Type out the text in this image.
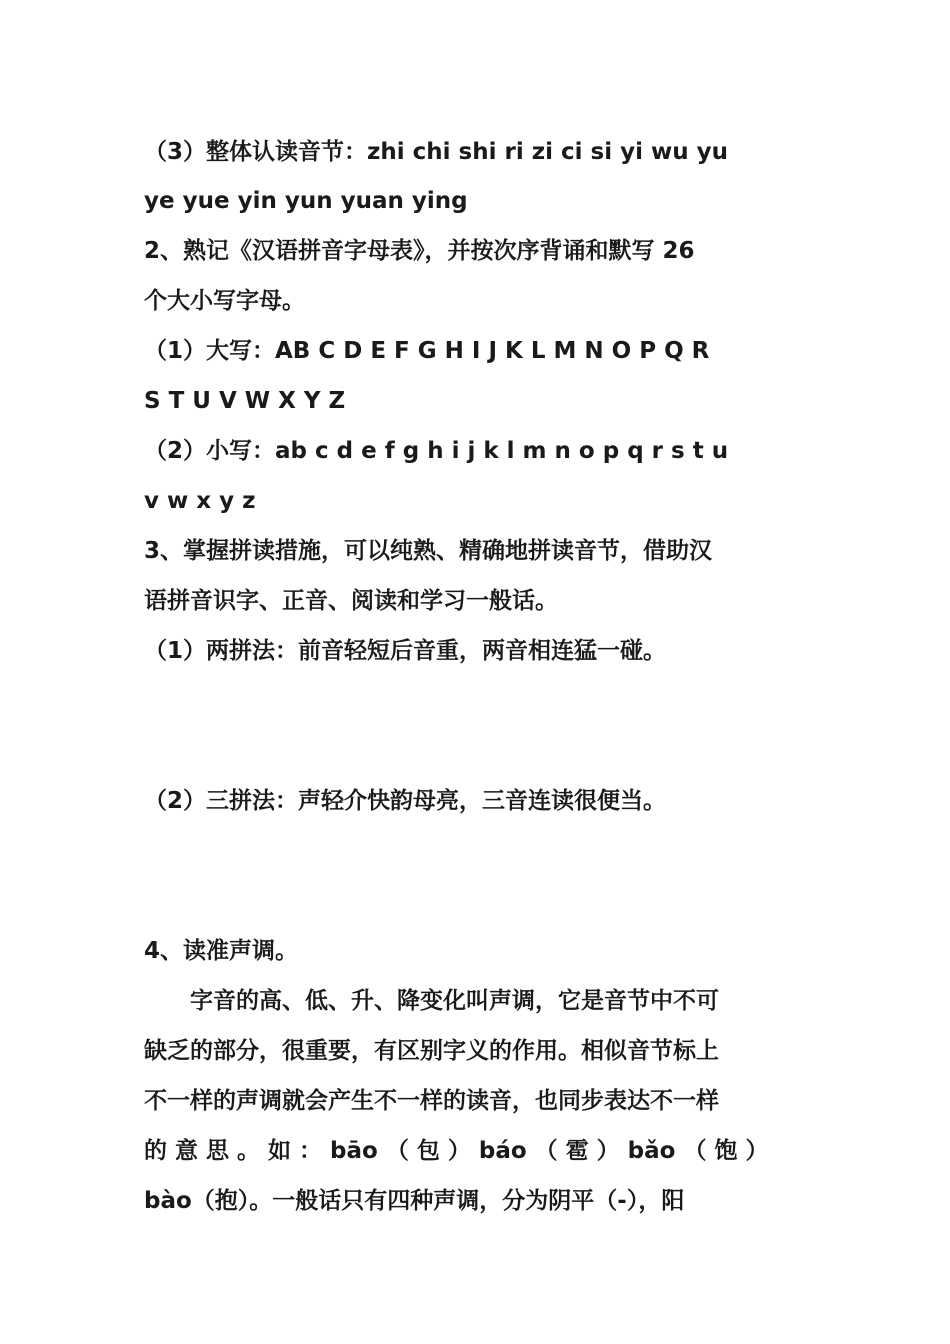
（3）整体认读音节：zhi chi shi ri zi ci si yi wu yu
ye yue yin yun yuan ying
2、熟记《汉语拼音字母表》，并按次序背诵和默写 26
个大小写字母。
（1）大写：AB C D E F G H I J K L M N O P Q R
S T U V W X Y Z
（2）小写：ab c d e f g h i j k l m n o p q r s t u
v w x y z
3、掌握拼读措施，可以纯熟、精确地拼读音节，借助汉
语拼音识字、正音、阅读和学习一般话。
（1）两拼法：前音轻短后音重，两音相连猛一碰。
（2）三拼法：声轻介快韵母亮，三音连读很便当。
4、读准声调。
字音的高、低、升、降变化叫声调，它是音节中不可
缺乏的部分，很重要，有区别字义的作用。相似音节标上
不一样的声调就会产生不一样的读音，也同步表达不一样
的 意 思 。 如 ： bāo （ 包 ） báo （ 雹 ） bǎo （ 饱 ）
bào（抱）。一般话只有四种声调，分为阴平（-），阳
